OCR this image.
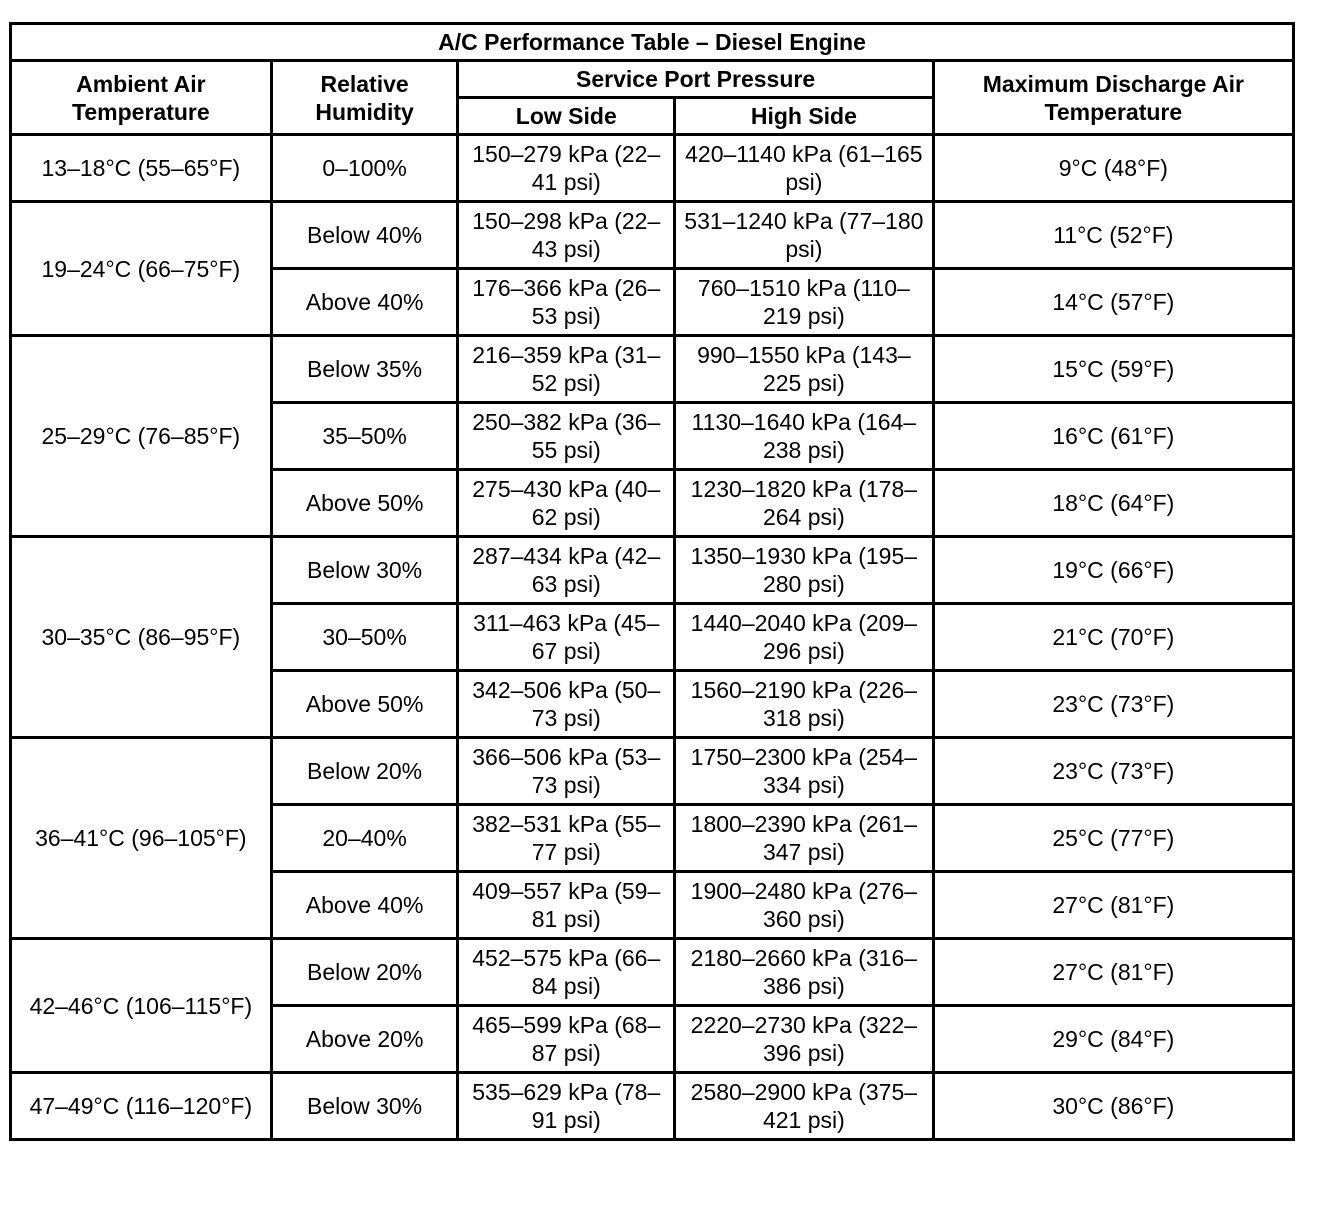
A/C Performance Table – Diesel Engine				
Ambient Air Temperature	Relative Humidity	Service Port Pressure		Maximum Discharge Air Temperature
		Low Side	High Side	
13–18°C (55–65°F)	0–100%	150–279 kPa (22–41 psi)	420–1140 kPa (61–165 psi)	9°C (48°F)
19–24°C (66–75°F)	Below 40%	150–298 kPa (22–43 psi)	531–1240 kPa (77–180 psi)	11°C (52°F)
	Above 40%	176–366 kPa (26–53 psi)	760–1510 kPa (110–219 psi)	14°C (57°F)
25–29°C (76–85°F)	Below 35%	216–359 kPa (31–52 psi)	990–1550 kPa (143–225 psi)	15°C (59°F)
	35–50%	250–382 kPa (36–55 psi)	1130–1640 kPa (164–238 psi)	16°C (61°F)
	Above 50%	275–430 kPa (40–62 psi)	1230–1820 kPa (178–264 psi)	18°C (64°F)
30–35°C (86–95°F)	Below 30%	287–434 kPa (42–63 psi)	1350–1930 kPa (195–280 psi)	19°C (66°F)
	30–50%	311–463 kPa (45–67 psi)	1440–2040 kPa (209–296 psi)	21°C (70°F)
	Above 50%	342–506 kPa (50–73 psi)	1560–2190 kPa (226–318 psi)	23°C (73°F)
36–41°C (96–105°F)	Below 20%	366–506 kPa (53–73 psi)	1750–2300 kPa (254–334 psi)	23°C (73°F)
	20–40%	382–531 kPa (55–77 psi)	1800–2390 kPa (261–347 psi)	25°C (77°F)
	Above 40%	409–557 kPa (59–81 psi)	1900–2480 kPa (276–360 psi)	27°C (81°F)
42–46°C (106–115°F)	Below 20%	452–575 kPa (66–84 psi)	2180–2660 kPa (316–386 psi)	27°C (81°F)
	Above 20%	465–599 kPa (68–87 psi)	2220–2730 kPa (322–396 psi)	29°C (84°F)
47–49°C (116–120°F)	Below 30%	535–629 kPa (78–91 psi)	2580–2900 kPa (375–421 psi)	30°C (86°F)
